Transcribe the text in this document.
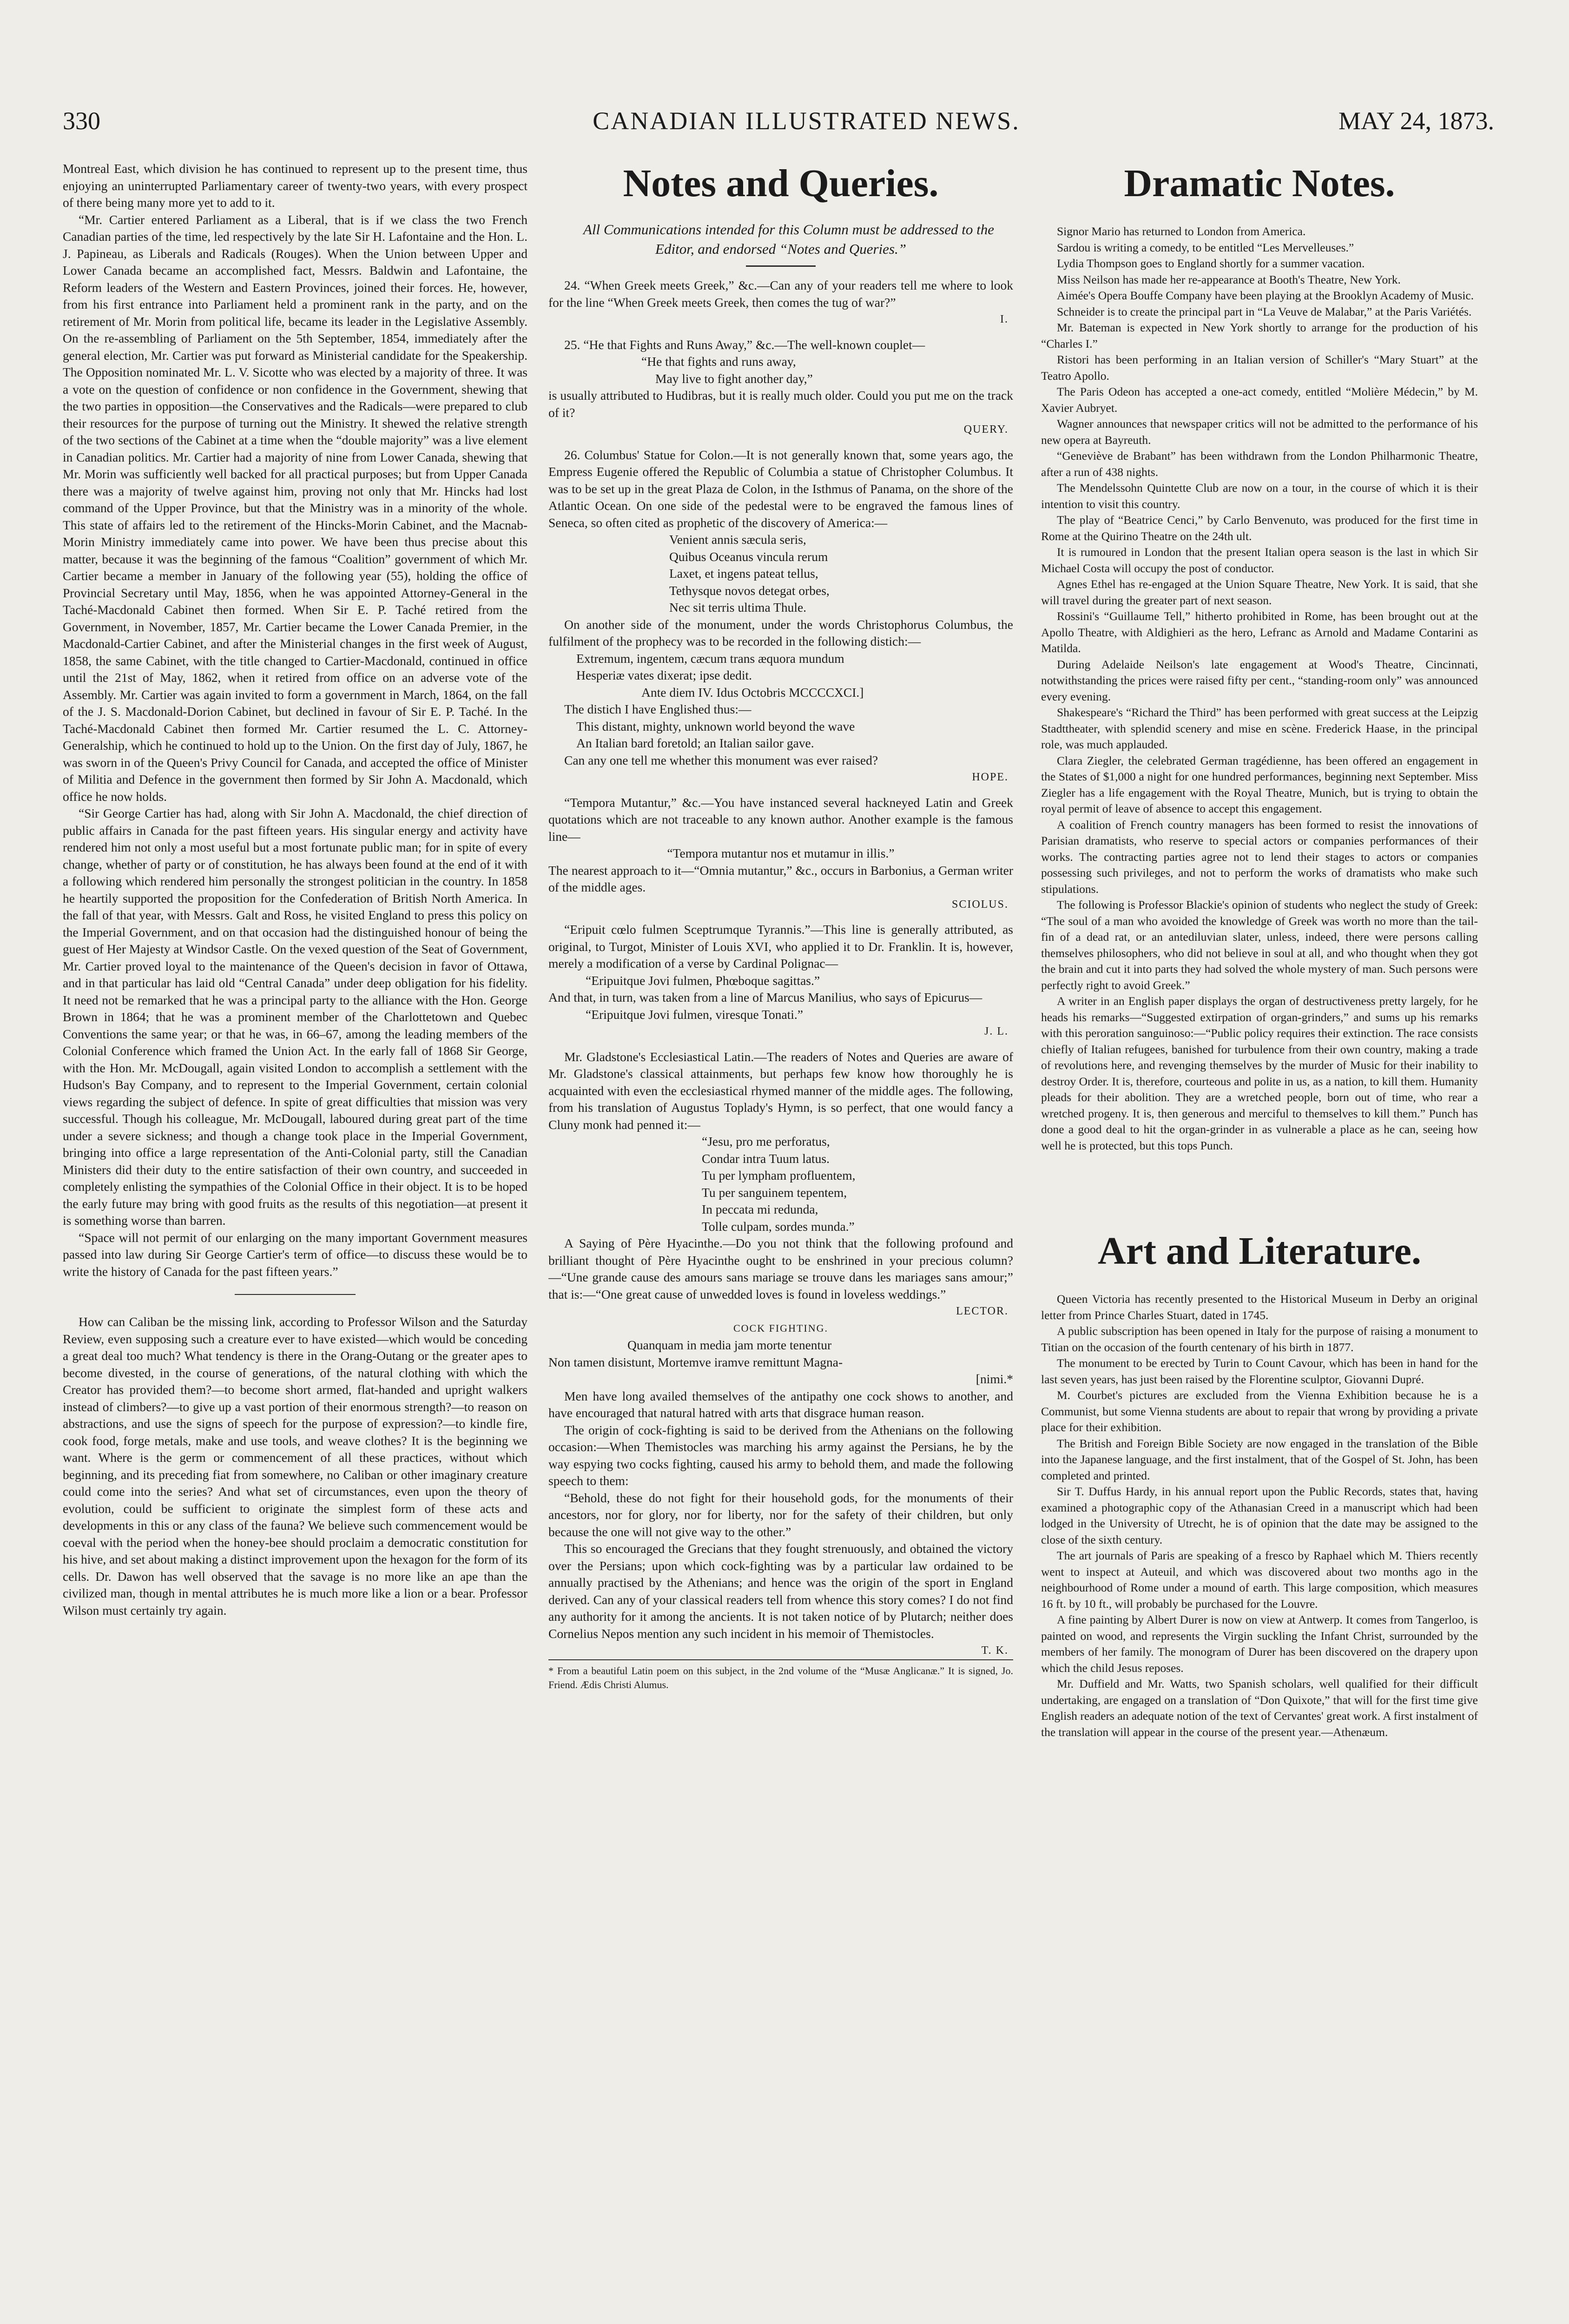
330	CANADIAN ILLUSTRATED NEWS.	MAY 24, 1873.

Montreal East, which division he has continued to represent up to the present time, thus enjoying an uninterrupted Parliamentary career of twenty-two years, with every prospect of there being many more yet to add to it.

“Mr. Cartier entered Parliament as a Liberal, that is if we class the two French Canadian parties of the time, led respectively by the late Sir H. Lafontaine and the Hon. L. J. Papineau, as Liberals and Radicals (Rouges). When the Union between Upper and Lower Canada became an accomplished fact, Messrs. Baldwin and Lafontaine, the Reform leaders of the Western and Eastern Provinces, joined their forces. He, however, from his first entrance into Parliament held a prominent rank in the party, and on the retirement of Mr. Morin from political life, became its leader in the Legislative Assembly. On the re-assembling of Parliament on the 5th September, 1854, immediately after the general election, Mr. Cartier was put forward as Ministerial candidate for the Speakership. The Opposition nominated Mr. L. V. Sicotte who was elected by a majority of three. It was a vote on the question of confidence or non confidence in the Government, shewing that the two parties in opposition—the Conservatives and the Radicals—were prepared to club their resources for the purpose of turning out the Ministry. It shewed the relative strength of the two sections of the Cabinet at a time when the “double majority” was a live element in Canadian politics. Mr. Cartier had a majority of nine from Lower Canada, shewing that Mr. Morin was sufficiently well backed for all practical purposes; but from Upper Canada there was a majority of twelve against him, proving not only that Mr. Hincks had lost command of the Upper Province, but that the Ministry was in a minority of the whole. This state of affairs led to the retirement of the Hincks-Morin Cabinet, and the Macnab-Morin Ministry immediately came into power. We have been thus precise about this matter, because it was the beginning of the famous “Coalition” government of which Mr. Cartier became a member in January of the following year (55), holding the office of Provincial Secretary until May, 1856, when he was appointed Attorney-General in the Taché-Macdonald Cabinet then formed. When Sir E. P. Taché retired from the Government, in November, 1857, Mr. Cartier became the Lower Canada Premier, in the Macdonald-Cartier Cabinet, and after the Ministerial changes in the first week of August, 1858, the same Cabinet, with the title changed to Cartier-Macdonald, continued in office until the 21st of May, 1862, when it retired from office on an adverse vote of the Assembly. Mr. Cartier was again invited to form a government in March, 1864, on the fall of the J. S. Macdonald-Dorion Cabinet, but declined in favour of Sir E. P. Taché. In the Taché-Macdonald Cabinet then formed Mr. Cartier resumed the L. C. Attorney-Generalship, which he continued to hold up to the Union. On the first day of July, 1867, he was sworn in of the Queen's Privy Council for Canada, and accepted the office of Minister of Militia and Defence in the government then formed by Sir John A. Macdonald, which office he now holds.

“Sir George Cartier has had, along with Sir John A. Macdonald, the chief direction of public affairs in Canada for the past fifteen years. His singular energy and activity have rendered him not only a most useful but a most fortunate public man; for in spite of every change, whether of party or of constitution, he has always been found at the end of it with a following which rendered him personally the strongest politician in the country. In 1858 he heartily supported the proposition for the Confederation of British North America. In the fall of that year, with Messrs. Galt and Ross, he visited England to press this policy on the Imperial Government, and on that occasion had the distinguished honour of being the guest of Her Majesty at Windsor Castle. On the vexed question of the Seat of Government, Mr. Cartier proved loyal to the maintenance of the Queen's decision in favor of Ottawa, and in that particular has laid old “Central Canada” under deep obligation for his fidelity. It need not be remarked that he was a principal party to the alliance with the Hon. George Brown in 1864; that he was a prominent member of the Charlottetown and Quebec Conventions the same year; or that he was, in 66–67, among the leading members of the Colonial Conference which framed the Union Act. In the early fall of 1868 Sir George, with the Hon. Mr. McDougall, again visited London to accomplish a settlement with the Hudson's Bay Company, and to represent to the Imperial Government, certain colonial views regarding the subject of defence. In spite of great difficulties that mission was very successful. Though his colleague, Mr. McDougall, laboured during great part of the time under a severe sickness; and though a change took place in the Imperial Government, bringing into office a large representation of the Anti-Colonial party, still the Canadian Ministers did their duty to the entire satisfaction of their own country, and succeeded in completely enlisting the sympathies of the Colonial Office in their object. It is to be hoped the early future may bring with good fruits as the results of this negotiation—at present it is something worse than barren.

“Space will not permit of our enlarging on the many important Government measures passed into law during Sir George Cartier's term of office—to discuss these would be to write the history of Canada for the past fifteen years.”

How can Caliban be the missing link, according to Professor Wilson and the Saturday Review, even supposing such a creature ever to have existed—which would be conceding a great deal too much? What tendency is there in the Orang-Outang or the greater apes to become divested, in the course of generations, of the natural clothing with which the Creator has provided them?—to become short armed, flat-handed and upright walkers instead of climbers?—to give up a vast portion of their enormous strength?—to reason on abstractions, and use the signs of speech for the purpose of expression?—to kindle fire, cook food, forge metals, make and use tools, and weave clothes? It is the beginning we want. Where is the germ or commencement of all these practices, without which beginning, and its preceding fiat from somewhere, no Caliban or other imaginary creature could come into the series? And what set of circumstances, even upon the theory of evolution, could be sufficient to originate the simplest form of these acts and developments in this or any class of the fauna? We believe such commencement would be coeval with the period when the honey-bee should proclaim a democratic constitution for his hive, and set about making a distinct improvement upon the hexagon for the form of its cells. Dr. Dawon has well observed that the savage is no more like an ape than the civilized man, though in mental attributes he is much more like a lion or a bear. Professor Wilson must certainly try again.

Notes and Queries.

All Communications intended for this Column must be addressed to the Editor, and endorsed “Notes and Queries.”

24. “When Greek meets Greek,” &c.—Can any of your readers tell me where to look for the line “When Greek meets Greek, then comes the tug of war?”

I.

25. “He that Fights and Runs Away,” &c.—The well-known couplet—

“He that fights and runs away,

May live to fight another day,”

is usually attributed to Hudibras, but it is really much older. Could you put me on the track of it?

QUERY.

26. Columbus' Statue for Colon.—It is not generally known that, some years ago, the Empress Eugenie offered the Republic of Columbia a statue of Christopher Columbus. It was to be set up in the great Plaza de Colon, in the Isthmus of Panama, on the shore of the Atlantic Ocean. On one side of the pedestal were to be engraved the famous lines of Seneca, so often cited as prophetic of the discovery of America:—

Venient annis sæcula seris,

Quibus Oceanus vincula rerum

Laxet, et ingens pateat tellus,

Tethysque novos detegat orbes,

Nec sit terris ultima Thule.

On another side of the monument, under the words Christophorus Columbus, the fulfilment of the prophecy was to be recorded in the following distich:—

Extremum, ingentem, cæcum trans æquora mundum

Hesperiæ vates dixerat; ipse dedit.

Ante diem IV. Idus Octobris MCCCCXCI.]

The distich I have Englished thus:—

This distant, mighty, unknown world beyond the wave

An Italian bard foretold; an Italian sailor gave.

Can any one tell me whether this monument was ever raised?

HOPE.

“Tempora Mutantur,” &c.—You have instanced several hackneyed Latin and Greek quotations which are not traceable to any known author. Another example is the famous line—

“Tempora mutantur nos et mutamur in illis.”

The nearest approach to it—“Omnia mutantur,” &c., occurs in Barbonius, a German writer of the middle ages.

SCIOLUS.

“Eripuit cœlo fulmen Sceptrumque Tyrannis.”—This line is generally attributed, as original, to Turgot, Minister of Louis XVI, who applied it to Dr. Franklin. It is, however, merely a modification of a verse by Cardinal Polignac—

“Eripuitque Jovi fulmen, Phœboque sagittas.”

And that, in turn, was taken from a line of Marcus Manilius, who says of Epicurus—

“Eripuitque Jovi fulmen, viresque Tonati.”

J. L.

Mr. Gladstone's Ecclesiastical Latin.—The readers of Notes and Queries are aware of Mr. Gladstone's classical attainments, but perhaps few know how thoroughly he is acquainted with even the ecclesiastical rhymed manner of the middle ages. The following, from his translation of Augustus Toplady's Hymn, is so perfect, that one would fancy a Cluny monk had penned it:—

“Jesu, pro me perforatus,

Condar intra Tuum latus.

Tu per lympham profluentem,

Tu per sanguinem tepentem,

In peccata mi redunda,

Tolle culpam, sordes munda.”

A Saying of Père Hyacinthe.—Do you not think that the following profound and brilliant thought of Père Hyacinthe ought to be enshrined in your precious column?—“Une grande cause des amours sans mariage se trouve dans les mariages sans amour;” that is:—“One great cause of unwedded loves is found in loveless weddings.”

LECTOR.

COCK FIGHTING.

Quanquam in media jam morte tenentur

Non tamen disistunt, Mortemve iramve remittunt Magna-

[nimi.*

Men have long availed themselves of the antipathy one cock shows to another, and have encouraged that natural hatred with arts that disgrace human reason.

The origin of cock-fighting is said to be derived from the Athenians on the following occasion:—When Themistocles was marching his army against the Persians, he by the way espying two cocks fighting, caused his army to behold them, and made the following speech to them:

“Behold, these do not fight for their household gods, for the monuments of their ancestors, nor for glory, nor for liberty, nor for the safety of their children, but only because the one will not give way to the other.”

This so encouraged the Grecians that they fought strenuously, and obtained the victory over the Persians; upon which cock-fighting was by a particular law ordained to be annually practised by the Athenians; and hence was the origin of the sport in England derived. Can any of your classical readers tell from whence this story comes? I do not find any authority for it among the ancients. It is not taken notice of by Plutarch; neither does Cornelius Nepos mention any such incident in his memoir of Themistocles.

T. K.

* From a beautiful Latin poem on this subject, in the 2nd volume of the “Musæ Anglicanæ.” It is signed, Jo. Friend. Ædis Christi Alumus.

Dramatic Notes.

Signor Mario has returned to London from America.

Sardou is writing a comedy, to be entitled “Les Mervelleuses.”

Lydia Thompson goes to England shortly for a summer vacation.

Miss Neilson has made her re-appearance at Booth's Theatre, New York.

Aimée's Opera Bouffe Company have been playing at the Brooklyn Academy of Music.

Schneider is to create the principal part in “La Veuve de Malabar,” at the Paris Variétés.

Mr. Bateman is expected in New York shortly to arrange for the production of his “Charles I.”

Ristori has been performing in an Italian version of Schiller's “Mary Stuart” at the Teatro Apollo.

The Paris Odeon has accepted a one-act comedy, entitled “Molière Médecin,” by M. Xavier Aubryet.

Wagner announces that newspaper critics will not be admitted to the performance of his new opera at Bayreuth.

“Geneviève de Brabant” has been withdrawn from the London Philharmonic Theatre, after a run of 438 nights.

The Mendelssohn Quintette Club are now on a tour, in the course of which it is their intention to visit this country.

The play of “Beatrice Cenci,” by Carlo Benvenuto, was produced for the first time in Rome at the Quirino Theatre on the 24th ult.

It is rumoured in London that the present Italian opera season is the last in which Sir Michael Costa will occupy the post of conductor.

Agnes Ethel has re-engaged at the Union Square Theatre, New York. It is said, that she will travel during the greater part of next season.

Rossini's “Guillaume Tell,” hitherto prohibited in Rome, has been brought out at the Apollo Theatre, with Aldighieri as the hero, Lefranc as Arnold and Madame Contarini as Matilda.

During Adelaide Neilson's late engagement at Wood's Theatre, Cincinnati, notwithstanding the prices were raised fifty per cent., “standing-room only” was announced every evening.

Shakespeare's “Richard the Third” has been performed with great success at the Leipzig Stadttheater, with splendid scenery and mise en scène. Frederick Haase, in the principal role, was much applauded.

Clara Ziegler, the celebrated German tragédienne, has been offered an engagement in the States of $1,000 a night for one hundred performances, beginning next September. Miss Ziegler has a life engagement with the Royal Theatre, Munich, but is trying to obtain the royal permit of leave of absence to accept this engagement.

A coalition of French country managers has been formed to resist the innovations of Parisian dramatists, who reserve to special actors or companies performances of their works. The contracting parties agree not to lend their stages to actors or companies possessing such privileges, and not to perform the works of dramatists who make such stipulations.

The following is Professor Blackie's opinion of students who neglect the study of Greek: “The soul of a man who avoided the knowledge of Greek was worth no more than the tail-fin of a dead rat, or an antediluvian slater, unless, indeed, there were persons calling themselves philosophers, who did not believe in soul at all, and who thought when they got the brain and cut it into parts they had solved the whole mystery of man. Such persons were perfectly right to avoid Greek.”

A writer in an English paper displays the organ of destructiveness pretty largely, for he heads his remarks—“Suggested extirpation of organ-grinders,” and sums up his remarks with this peroration sanguinoso:—“Public policy requires their extinction. The race consists chiefly of Italian refugees, banished for turbulence from their own country, making a trade of revolutions here, and revenging themselves by the murder of Music for their inability to destroy Order. It is, therefore, courteous and polite in us, as a nation, to kill them. Humanity pleads for their abolition. They are a wretched people, born out of time, who rear a wretched progeny. It is, then generous and merciful to themselves to kill them.” Punch has done a good deal to hit the organ-grinder in as vulnerable a place as he can, seeing how well he is protected, but this tops Punch.

Art and Literature.

Queen Victoria has recently presented to the Historical Museum in Derby an original letter from Prince Charles Stuart, dated in 1745.

A public subscription has been opened in Italy for the purpose of raising a monument to Titian on the occasion of the fourth centenary of his birth in 1877.

The monument to be erected by Turin to Count Cavour, which has been in hand for the last seven years, has just been raised by the Florentine sculptor, Giovanni Dupré.

M. Courbet's pictures are excluded from the Vienna Exhibition because he is a Communist, but some Vienna students are about to repair that wrong by providing a private place for their exhibition.

The British and Foreign Bible Society are now engaged in the translation of the Bible into the Japanese language, and the first instalment, that of the Gospel of St. John, has been completed and printed.

Sir T. Duffus Hardy, in his annual report upon the Public Records, states that, having examined a photographic copy of the Athanasian Creed in a manuscript which had been lodged in the University of Utrecht, he is of opinion that the date may be assigned to the close of the sixth century.

The art journals of Paris are speaking of a fresco by Raphael which M. Thiers recently went to inspect at Auteuil, and which was discovered about two months ago in the neighbourhood of Rome under a mound of earth. This large composition, which measures 16 ft. by 10 ft., will probably be purchased for the Louvre.

A fine painting by Albert Durer is now on view at Antwerp. It comes from Tangerloo, is painted on wood, and represents the Virgin suckling the Infant Christ, surrounded by the members of her family. The monogram of Durer has been discovered on the drapery upon which the child Jesus reposes.

Mr. Duffield and Mr. Watts, two Spanish scholars, well qualified for their difficult undertaking, are engaged on a translation of “Don Quixote,” that will for the first time give English readers an adequate notion of the text of Cervantes' great work. A first instalment of the translation will appear in the course of the present year.—Athenæum.
